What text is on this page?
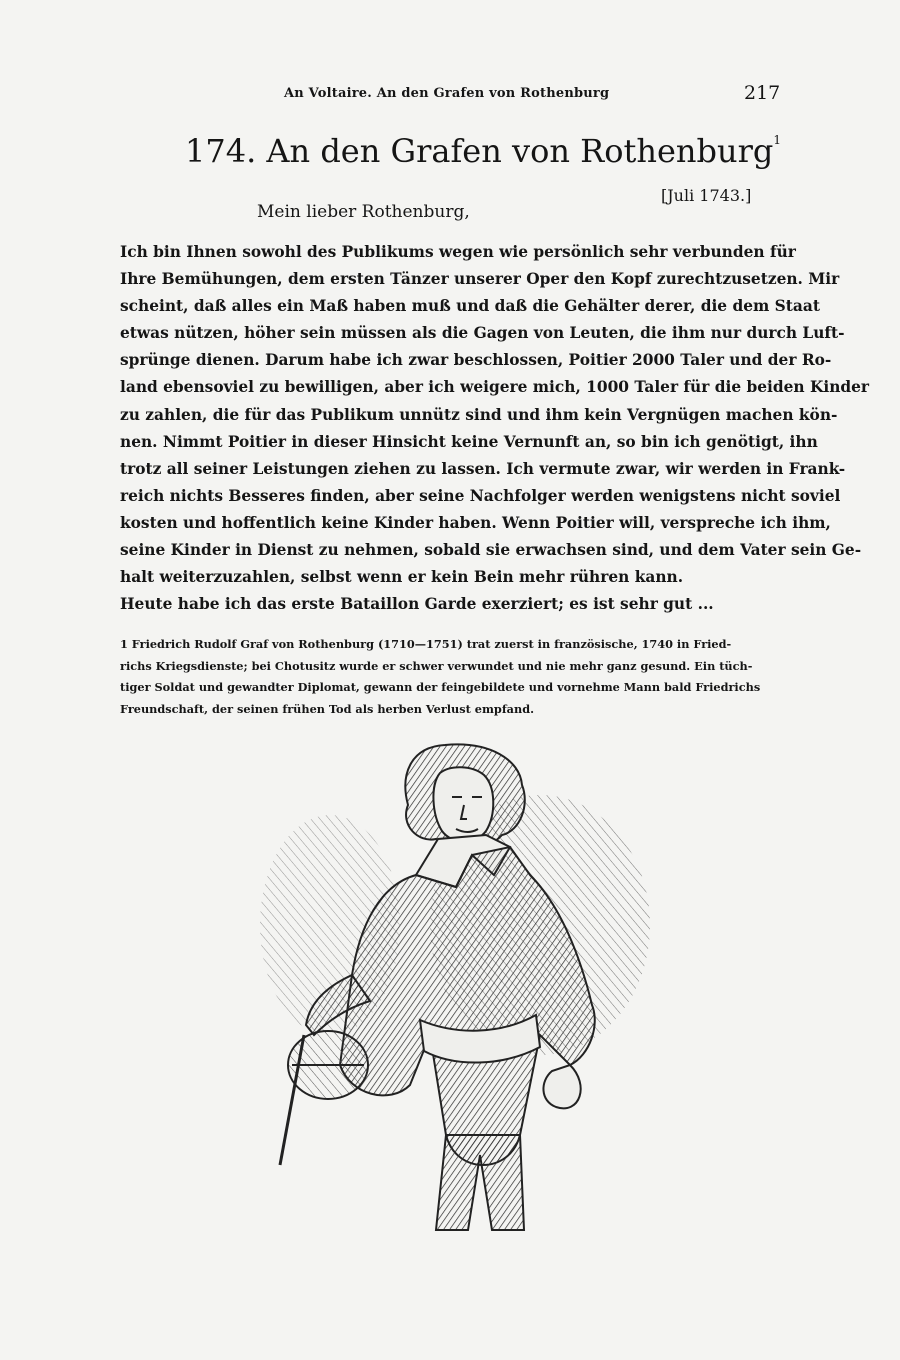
An Voltaire. An den Grafen von Rothenburg	217
174. An den Grafen von Rothenburg$^1$
[Juli 1743.]
Mein lieber Rothenburg,
Ich bin Ihnen sowohl des Publikums wegen wie persönlich sehr verbunden für
Ihre Bemühungen, dem ersten Tänzer unserer Oper den Kopf zurechtzusetzen. Mir
scheint, daß alles ein Maß haben muß und daß die Gehälter derer, die dem Staat
etwas nützen, höher sein müssen als die Gagen von Leuten, die ihm nur durch Luft-
sprünge dienen. Darum habe ich zwar beschlossen, Poitier 2000 Taler und der Ro-
land ebensoviel zu bewilligen, aber ich weigere mich, 1000 Taler für die beiden Kinder
zu zahlen, die für das Publikum unnütz sind und ihm kein Vergnügen machen kön-
nen. Nimmt Poitier in dieser Hinsicht keine Vernunft an, so bin ich genötigt, ihn
trotz all seiner Leistungen ziehen zu lassen. Ich vermute zwar, wir werden in Frank-
reich nichts Besseres finden, aber seine Nachfolger werden wenigstens nicht soviel
kosten und hoffentlich keine Kinder haben. Wenn Poitier will, verspreche ich ihm,
seine Kinder in Dienst zu nehmen, sobald sie erwachsen sind, und dem Vater sein Ge-
halt weiterzuzahlen, selbst wenn er kein Bein mehr rühren kann.
Heute habe ich das erste Bataillon Garde exerziert; es ist sehr gut ...
1 Friedrich Rudolf Graf von Rothenburg (1710—1751) trat zuerst in französische, 1740 in Fried-
richs Kriegsdienste; bei Chotusitz wurde er schwer verwundet und nie mehr ganz gesund. Ein tüch-
tiger Soldat und gewandter Diplomat, gewann der feingebildete und vornehme Mann bald Friedrichs
Freundschaft, der seinen frühen Tod als herben Verlust empfand.
